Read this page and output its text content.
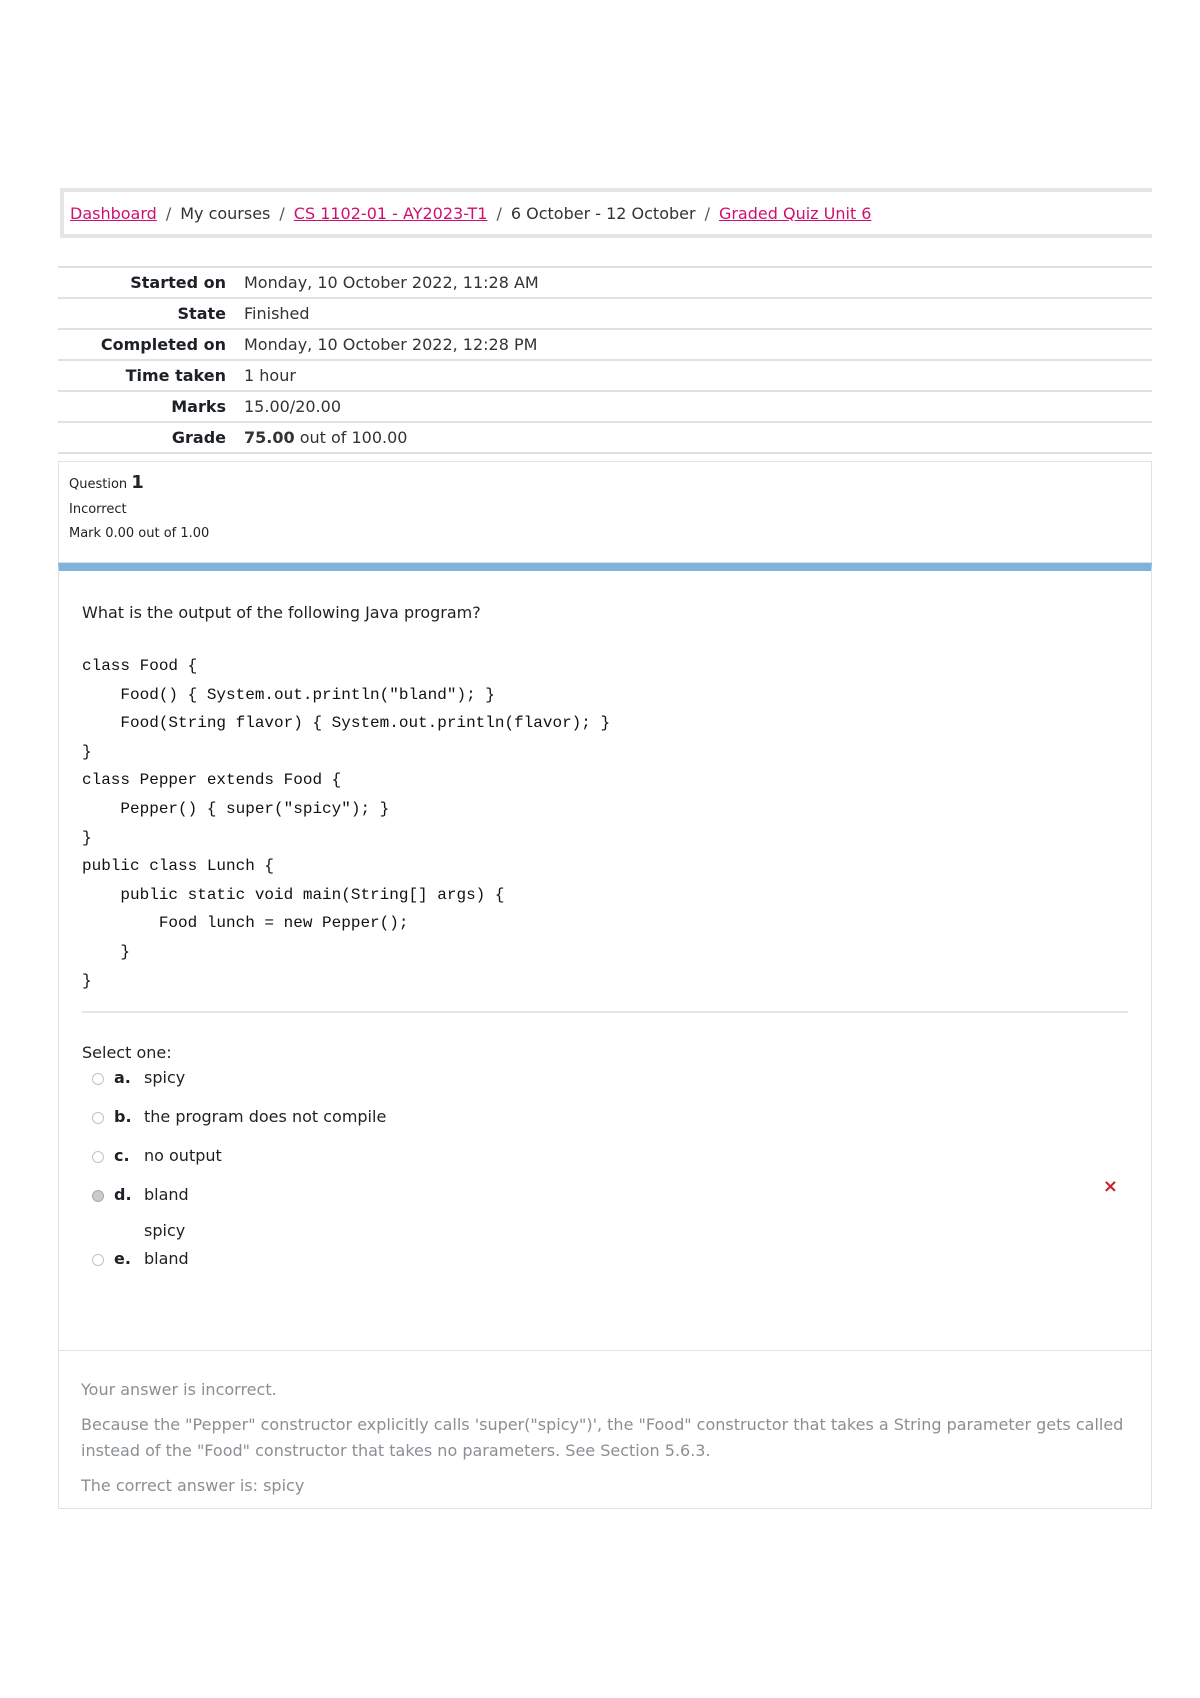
Dashboard / My courses / CS 1102-01 - AY2023-T1 / 6 October - 12 October / Graded Quiz Unit 6
Started on	Monday, 10 October 2022, 11:28 AM
State	Finished
Completed on	Monday, 10 October 2022, 12:28 PM
Time taken	1 hour
Marks	15.00/20.00
Grade	75.00 out of 100.00
Question 1
Incorrect
Mark 0.00 out of 1.00
What is the output of the following Java program?
class Food {
Food() { System.out.println("bland"); }
Food(String flavor) { System.out.println(flavor); }
}
class Pepper extends Food {
Pepper() { super("spicy"); }
}
public class Lunch {
public static void main(String[] args) {
Food lunch = new Pepper();
}
}
Select one:
a. spicy
b. the program does not compile
c. no output
d. bland
spicy
e. bland
×

Your answer is incorrect.

Because the "Pepper" constructor explicitly calls 'super("spicy")', the "Food" constructor that takes a String parameter gets called instead of the "Food" constructor that takes no parameters. See Section 5.6.3.

The correct answer is: spicy
